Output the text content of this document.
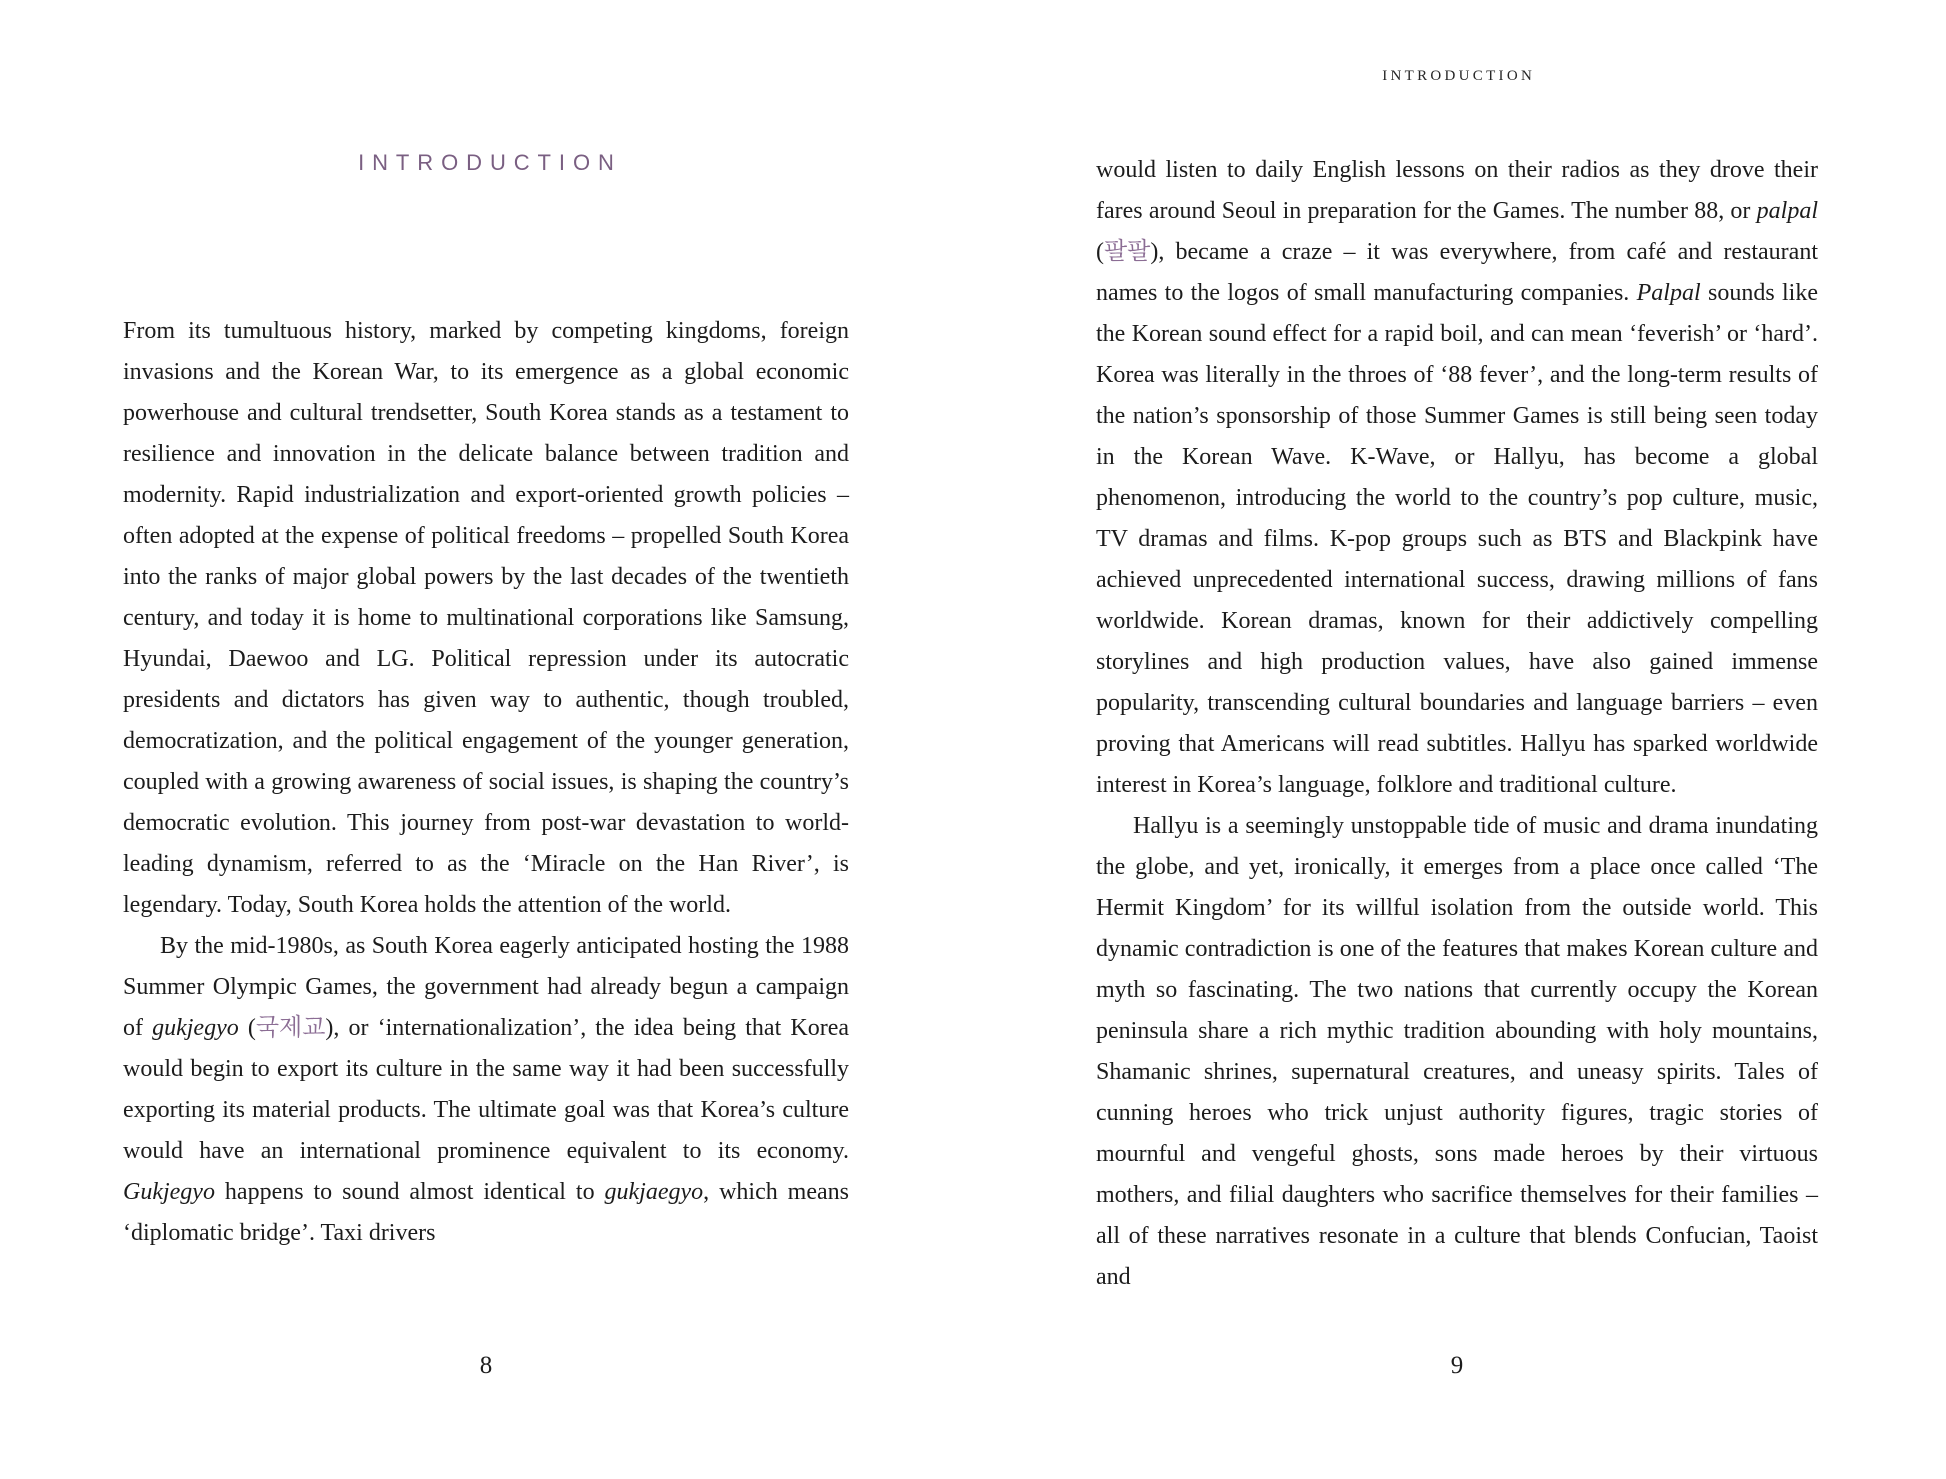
INTRODUCTION

From its tumultuous history, marked by competing kingdoms, foreign invasions and the Korean War, to its emergence as a global economic powerhouse and cultural trendsetter, South Korea stands as a testament to resilience and innovation in the delicate balance between tradition and modernity. Rapid industrialization and export-oriented growth policies – often adopted at the expense of political freedoms – propelled South Korea into the ranks of major global powers by the last decades of the twentieth century, and today it is home to multinational corporations like Samsung, Hyundai, Daewoo and LG. Political repression under its autocratic presidents and dictators has given way to authentic, though troubled, democratization, and the political engagement of the younger generation, coupled with a growing awareness of social issues, is shaping the country’s democratic evolution. This journey from post-war devastation to world-leading dynamism, referred to as the ‘Miracle on the Han River’, is legendary. Today, South Korea holds the attention of the world.

By the mid-1980s, as South Korea eagerly anticipated hosting the 1988 Summer Olympic Games, the government had already begun a campaign of gukjegyo (국제교), or ‘internationalization’, the idea being that Korea would begin to export its culture in the same way it had been successfully exporting its material products. The ultimate goal was that Korea’s culture would have an international prominence equivalent to its economy. Gukjegyo happens to sound almost identical to gukjaegyo, which means ‘diplomatic bridge’. Taxi drivers

8
INTRODUCTION

would listen to daily English lessons on their radios as they drove their fares around Seoul in preparation for the Games. The number 88, or palpal (팔팔), became a craze – it was everywhere, from café and restaurant names to the logos of small manufacturing companies. Palpal sounds like the Korean sound effect for a rapid boil, and can mean ‘feverish’ or ‘hard’. Korea was literally in the throes of ‘88 fever’, and the long-term results of the nation’s sponsorship of those Summer Games is still being seen today in the Korean Wave. K-Wave, or Hallyu, has become a global phenomenon, introducing the world to the country’s pop culture, music, TV dramas and films. K-pop groups such as BTS and Blackpink have achieved unprecedented international success, drawing millions of fans worldwide. Korean dramas, known for their addictively compelling storylines and high production values, have also gained immense popularity, transcending cultural boundaries and language barriers – even proving that Americans will read subtitles. Hallyu has sparked worldwide interest in Korea’s language, folklore and traditional culture.

Hallyu is a seemingly unstoppable tide of music and drama inundating the globe, and yet, ironically, it emerges from a place once called ‘The Hermit Kingdom’ for its willful isolation from the outside world. This dynamic contradiction is one of the features that makes Korean culture and myth so fascinating. The two nations that currently occupy the Korean peninsula share a rich mythic tradition abounding with holy mountains, Shamanic shrines, supernatural creatures, and uneasy spirits. Tales of cunning heroes who trick unjust authority figures, tragic stories of mournful and vengeful ghosts, sons made heroes by their virtuous mothers, and filial daughters who sacrifice themselves for their families – all of these narratives resonate in a culture that blends Confucian, Taoist and

9
